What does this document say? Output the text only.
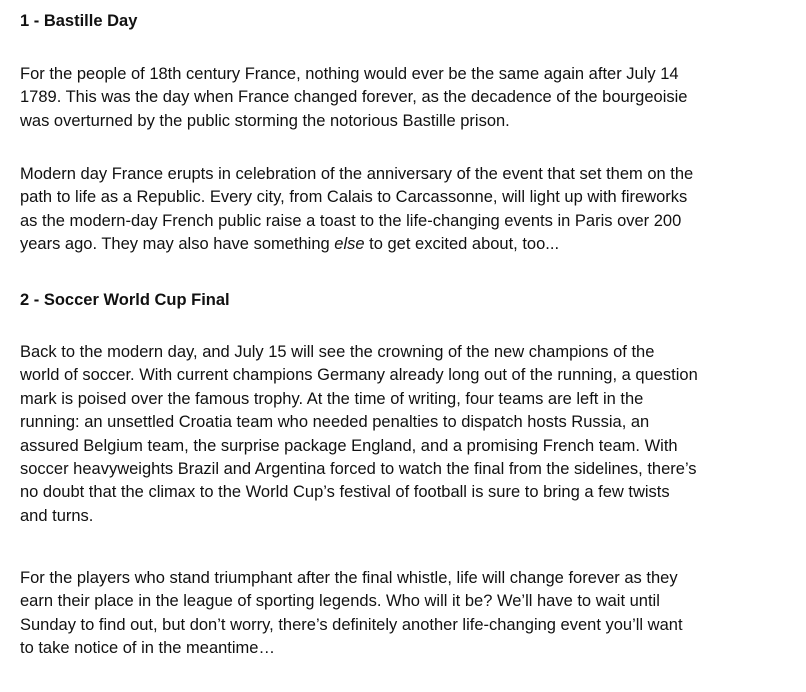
1 - Bastille Day
For the people of 18th century France, nothing would ever be the same again after July 14
1789. This was the day when France changed forever, as the decadence of the bourgeoisie
was overturned by the public storming the notorious Bastille prison.
Modern day France erupts in celebration of the anniversary of the event that set them on the
path to life as a Republic. Every city, from Calais to Carcassonne, will light up with fireworks
as the modern-day French public raise a toast to the life-changing events in Paris over 200
years ago. They may also have something else to get excited about, too...
2 - Soccer World Cup Final
Back to the modern day, and July 15 will see the crowning of the new champions of the
world of soccer. With current champions Germany already long out of the running, a question
mark is poised over the famous trophy. At the time of writing, four teams are left in the
running: an unsettled Croatia team who needed penalties to dispatch hosts Russia, an
assured Belgium team, the surprise package England, and a promising French team. With
soccer heavyweights Brazil and Argentina forced to watch the final from the sidelines, there’s
no doubt that the climax to the World Cup’s festival of football is sure to bring a few twists
and turns.
For the players who stand triumphant after the final whistle, life will change forever as they
earn their place in the league of sporting legends. Who will it be? We’ll have to wait until
Sunday to find out, but don’t worry, there’s definitely another life-changing event you’ll want
to take notice of in the meantime…
